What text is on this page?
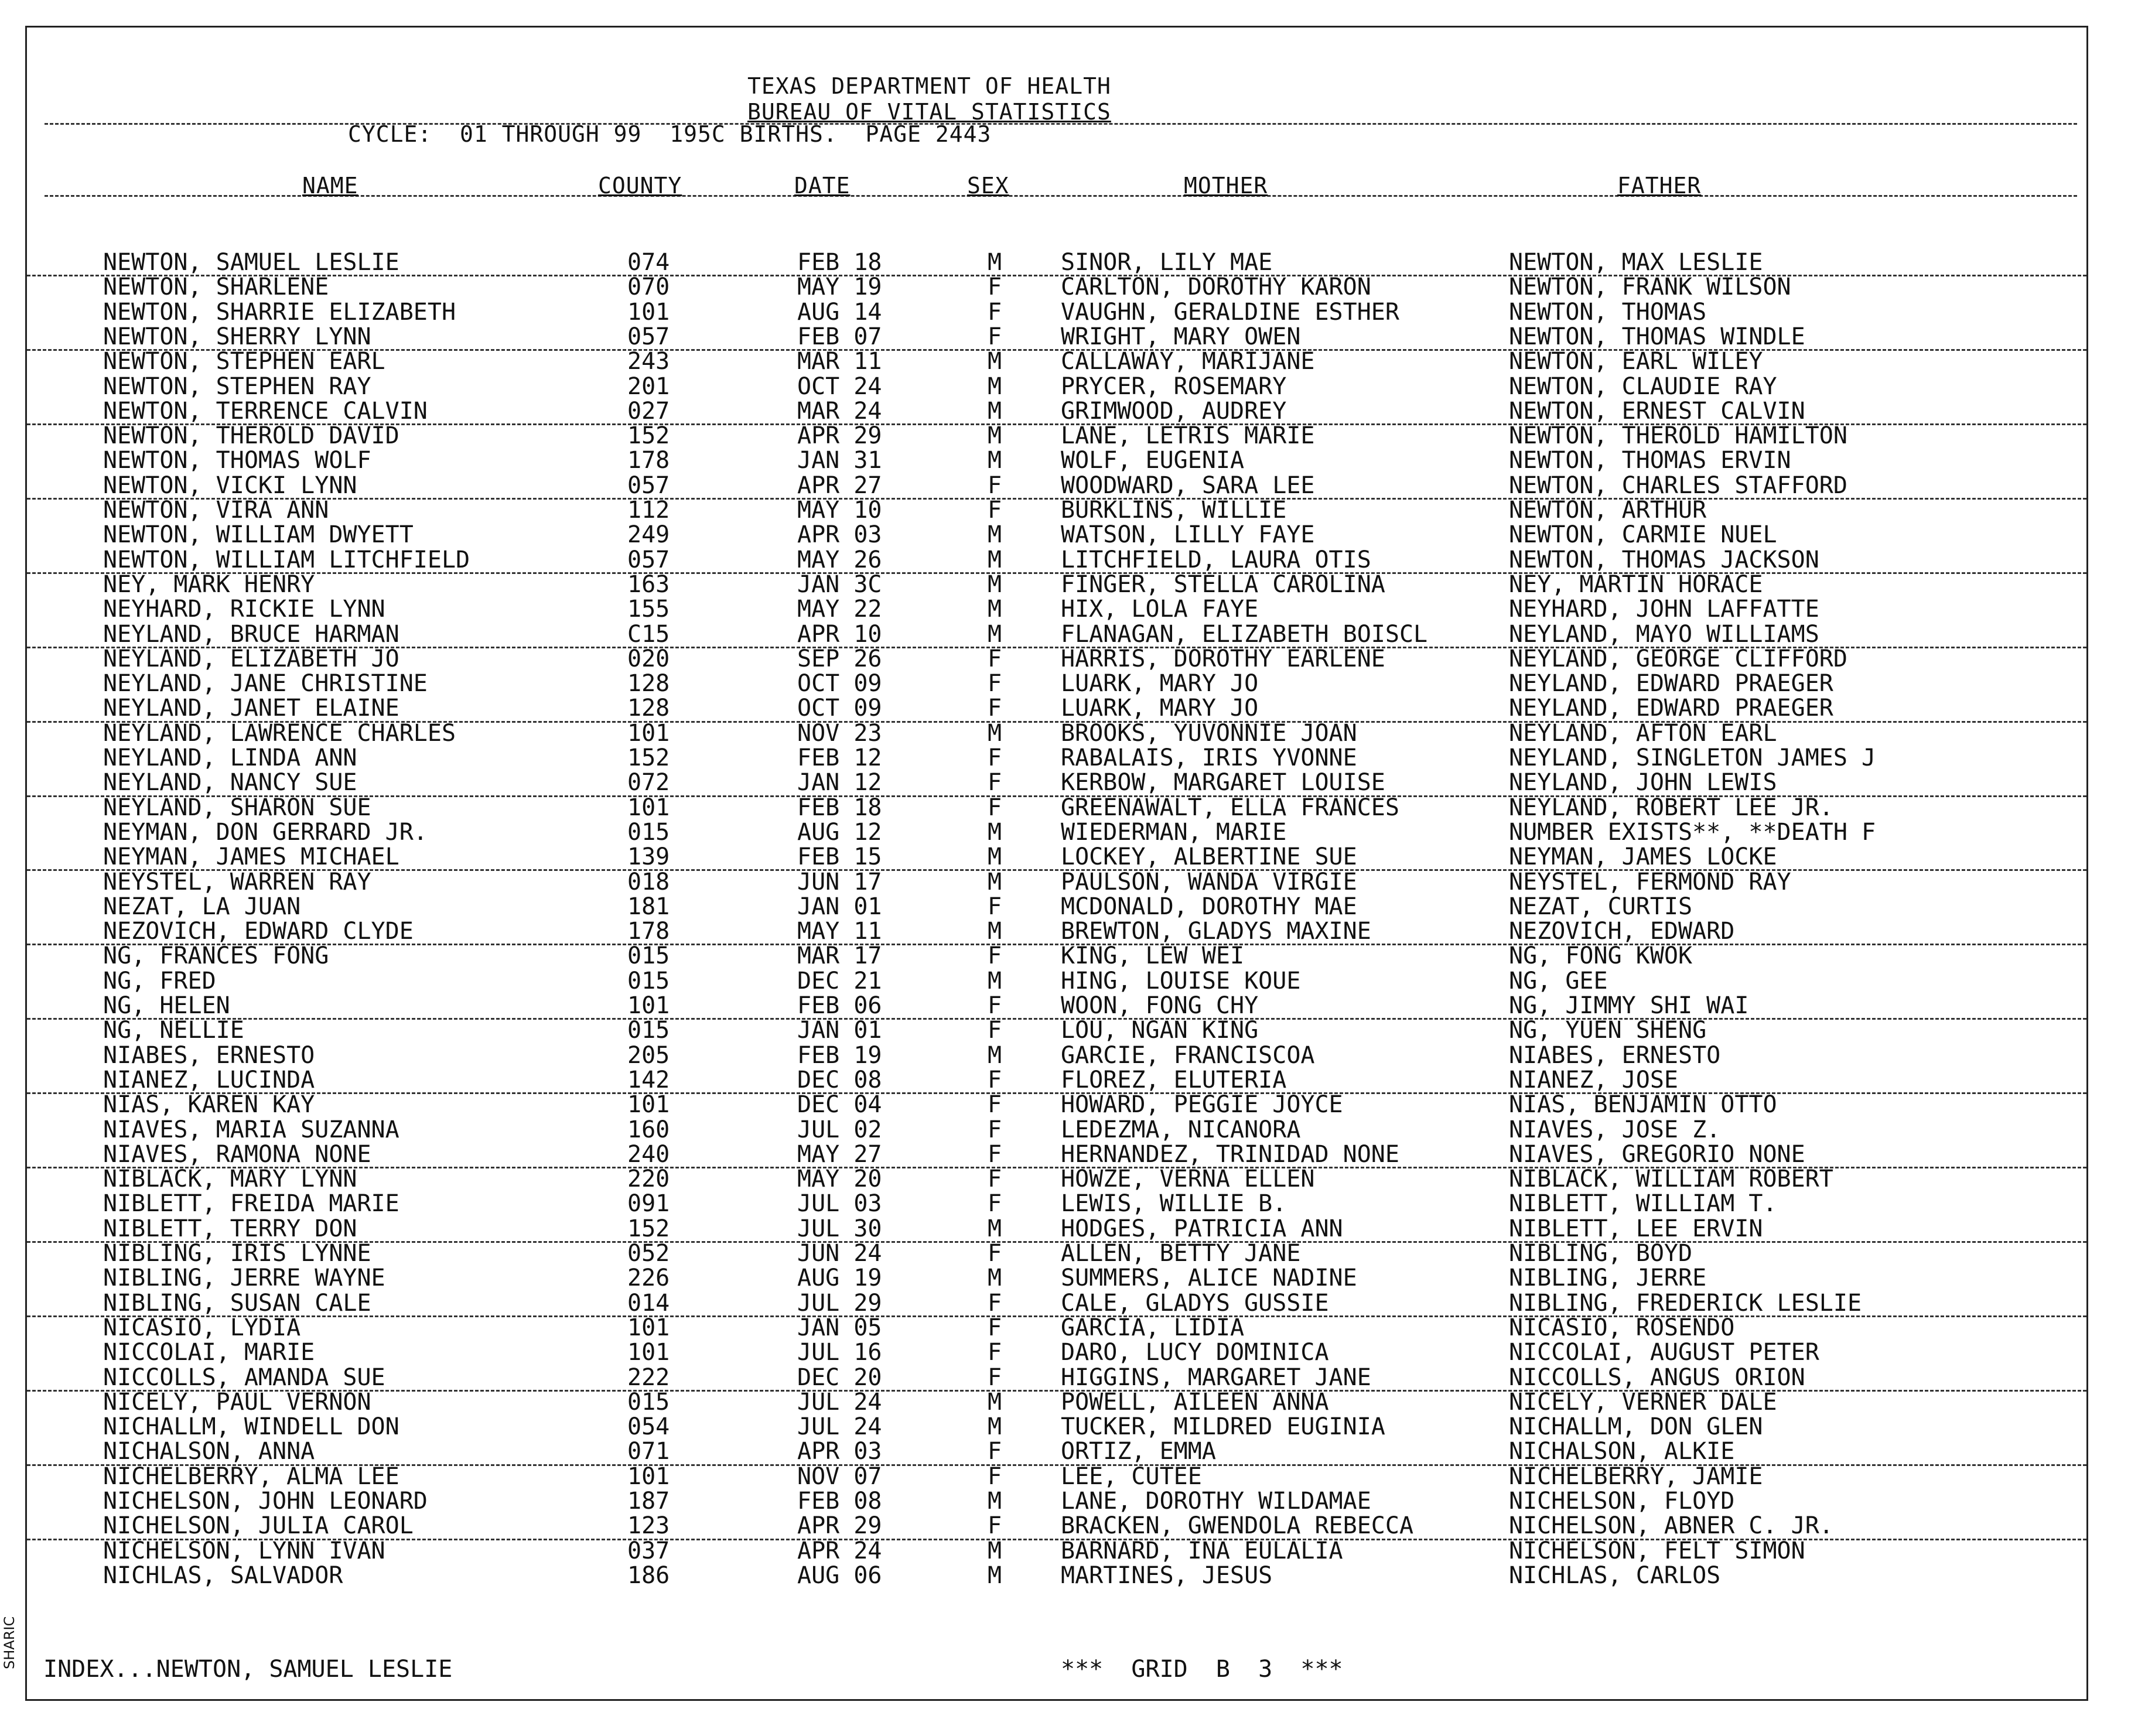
TEXAS DEPARTMENT OF HEALTH
BUREAU OF VITAL STATISTICS
CYCLE:  01 THROUGH 99  195C BIRTHS.  PAGE 2443
NAME	COUNTY	DATE	SEX	MOTHER	FATHER
NEWTON, SAMUEL LESLIE	074	FEB 18	M	SINOR, LILY MAE	NEWTON, MAX LESLIE
NEWTON, SHARLENE	070	MAY 19	F	CARLTON, DOROTHY KARON	NEWTON, FRANK WILSON
NEWTON, SHARRIE ELIZABETH	101	AUG 14	F	VAUGHN, GERALDINE ESTHER	NEWTON, THOMAS
NEWTON, SHERRY LYNN	057	FEB 07	F	WRIGHT, MARY OWEN	NEWTON, THOMAS WINDLE
NEWTON, STEPHEN EARL	243	MAR 11	M	CALLAWAY, MARIJANE	NEWTON, EARL WILEY
NEWTON, STEPHEN RAY	201	OCT 24	M	PRYCER, ROSEMARY	NEWTON, CLAUDIE RAY
NEWTON, TERRENCE CALVIN	027	MAR 24	M	GRIMWOOD, AUDREY	NEWTON, ERNEST CALVIN
NEWTON, THEROLD DAVID	152	APR 29	M	LANE, LETRIS MARIE	NEWTON, THEROLD HAMILTON
NEWTON, THOMAS WOLF	178	JAN 31	M	WOLF, EUGENIA	NEWTON, THOMAS ERVIN
NEWTON, VICKI LYNN	057	APR 27	F	WOODWARD, SARA LEE	NEWTON, CHARLES STAFFORD
NEWTON, VIRA ANN	112	MAY 10	F	BURKLINS, WILLIE	NEWTON, ARTHUR
NEWTON, WILLIAM DWYETT	249	APR 03	M	WATSON, LILLY FAYE	NEWTON, CARMIE NUEL
NEWTON, WILLIAM LITCHFIELD	057	MAY 26	M	LITCHFIELD, LAURA OTIS	NEWTON, THOMAS JACKSON
NEY, MARK HENRY	163	JAN 3C	M	FINGER, STELLA CAROLINA	NEY, MARTIN HORACE
NEYHARD, RICKIE LYNN	155	MAY 22	M	HIX, LOLA FAYE	NEYHARD, JOHN LAFFATTE
NEYLAND, BRUCE HARMAN	C15	APR 10	M	FLANAGAN, ELIZABETH BOISCL	NEYLAND, MAYO WILLIAMS
NEYLAND, ELIZABETH JO	020	SEP 26	F	HARRIS, DOROTHY EARLENE	NEYLAND, GEORGE CLIFFORD
NEYLAND, JANE CHRISTINE	128	OCT 09	F	LUARK, MARY JO	NEYLAND, EDWARD PRAEGER
NEYLAND, JANET ELAINE	128	OCT 09	F	LUARK, MARY JO	NEYLAND, EDWARD PRAEGER
NEYLAND, LAWRENCE CHARLES	101	NOV 23	M	BROOKS, YUVONNIE JOAN	NEYLAND, AFTON EARL
NEYLAND, LINDA ANN	152	FEB 12	F	RABALAIS, IRIS YVONNE	NEYLAND, SINGLETON JAMES J
NEYLAND, NANCY SUE	072	JAN 12	F	KERBOW, MARGARET LOUISE	NEYLAND, JOHN LEWIS
NEYLAND, SHARON SUE	101	FEB 18	F	GREENAWALT, ELLA FRANCES	NEYLAND, ROBERT LEE JR.
NEYMAN, DON GERRARD JR.	015	AUG 12	M	WIEDERMAN, MARIE	NUMBER EXISTS**, **DEATH F
NEYMAN, JAMES MICHAEL	139	FEB 15	M	LOCKEY, ALBERTINE SUE	NEYMAN, JAMES LOCKE
NEYSTEL, WARREN RAY	018	JUN 17	M	PAULSON, WANDA VIRGIE	NEYSTEL, FERMOND RAY
NEZAT, LA JUAN	181	JAN 01	F	MCDONALD, DOROTHY MAE	NEZAT, CURTIS
NEZOVICH, EDWARD CLYDE	178	MAY 11	M	BREWTON, GLADYS MAXINE	NEZOVICH, EDWARD
NG, FRANCES FONG	015	MAR 17	F	KING, LEW WEI	NG, FONG KWOK
NG, FRED	015	DEC 21	M	HING, LOUISE KOUE	NG, GEE
NG, HELEN	101	FEB 06	F	WOON, FONG CHY	NG, JIMMY SHI WAI
NG, NELLIE	015	JAN 01	F	LOU, NGAN KING	NG, YUEN SHENG
NIABES, ERNESTO	205	FEB 19	M	GARCIE, FRANCISCOA	NIABES, ERNESTO
NIANEZ, LUCINDA	142	DEC 08	F	FLOREZ, ELUTERIA	NIANEZ, JOSE
NIAS, KAREN KAY	101	DEC 04	F	HOWARD, PEGGIE JOYCE	NIAS, BENJAMIN OTTO
NIAVES, MARIA SUZANNA	160	JUL 02	F	LEDEZMA, NICANORA	NIAVES, JOSE Z.
NIAVES, RAMONA NONE	240	MAY 27	F	HERNANDEZ, TRINIDAD NONE	NIAVES, GREGORIO NONE
NIBLACK, MARY LYNN	220	MAY 20	F	HOWZE, VERNA ELLEN	NIBLACK, WILLIAM ROBERT
NIBLETT, FREIDA MARIE	091	JUL 03	F	LEWIS, WILLIE B.	NIBLETT, WILLIAM T.
NIBLETT, TERRY DON	152	JUL 30	M	HODGES, PATRICIA ANN	NIBLETT, LEE ERVIN
NIBLING, IRIS LYNNE	052	JUN 24	F	ALLEN, BETTY JANE	NIBLING, BOYD
NIBLING, JERRE WAYNE	226	AUG 19	M	SUMMERS, ALICE NADINE	NIBLING, JERRE
NIBLING, SUSAN CALE	014	JUL 29	F	CALE, GLADYS GUSSIE	NIBLING, FREDERICK LESLIE
NICASIO, LYDIA	101	JAN 05	F	GARCIA, LIDIA	NICASIO, ROSENDO
NICCOLAI, MARIE	101	JUL 16	F	DARO, LUCY DOMINICA	NICCOLAI, AUGUST PETER
NICCOLLS, AMANDA SUE	222	DEC 20	F	HIGGINS, MARGARET JANE	NICCOLLS, ANGUS ORION
NICELY, PAUL VERNON	015	JUL 24	M	POWELL, AILEEN ANNA	NICELY, VERNER DALE
NICHALLM, WINDELL DON	054	JUL 24	M	TUCKER, MILDRED EUGINIA	NICHALLM, DON GLEN
NICHALSON, ANNA	071	APR 03	F	ORTIZ, EMMA	NICHALSON, ALKIE
NICHELBERRY, ALMA LEE	101	NOV 07	F	LEE, CUTEE	NICHELBERRY, JAMIE
NICHELSON, JOHN LEONARD	187	FEB 08	M	LANE, DOROTHY WILDAMAE	NICHELSON, FLOYD
NICHELSON, JULIA CAROL	123	APR 29	F	BRACKEN, GWENDOLA REBECCA	NICHELSON, ABNER C. JR.
NICHELSON, LYNN IVAN	037	APR 24	M	BARNARD, INA EULALIA	NICHELSON, FELT SIMON
NICHLAS, SALVADOR	186	AUG 06	M	MARTINES, JESUS	NICHLAS, CARLOS
INDEX...NEWTON, SAMUEL LESLIE	***  GRID  B  3  ***
SHARIC
